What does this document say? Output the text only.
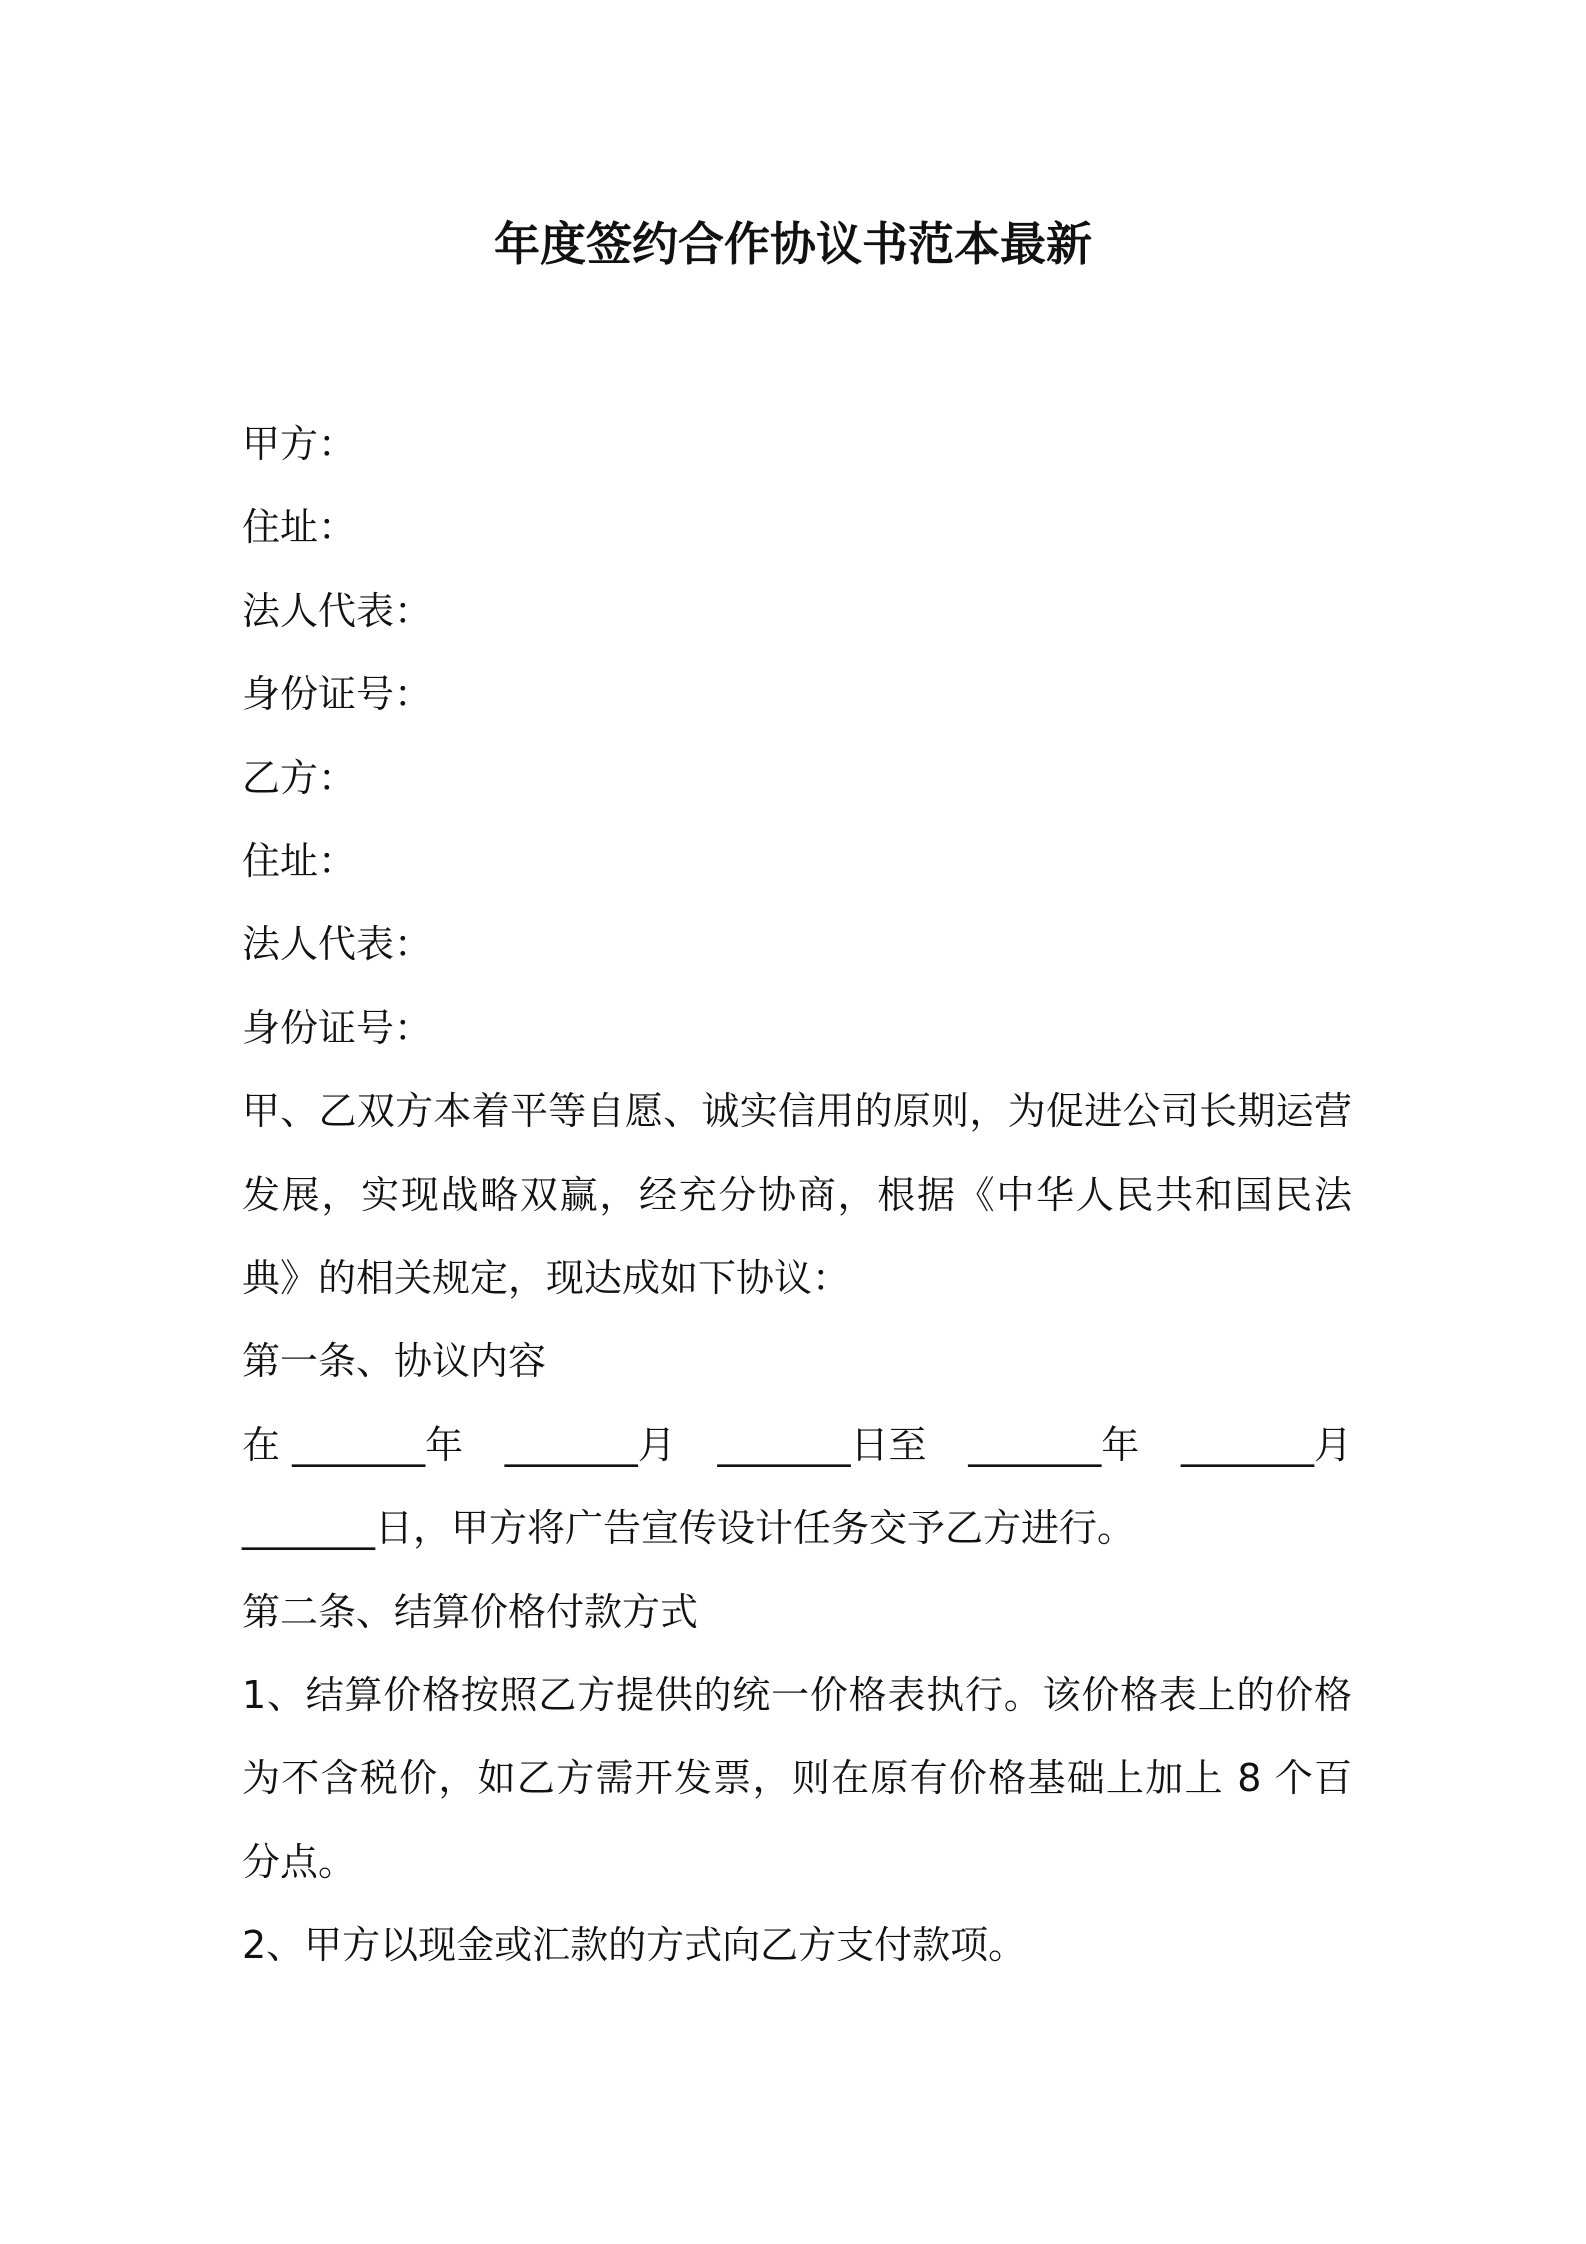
年度签约合作协议书范本最新
甲方：
住址：
法人代表：
身份证号：
乙方：
住址：
法人代表：
身份证号：
甲、乙双方本着平等自愿、诚实信用的原则，为促进公司长期运营发展，实现战略双赢，经充分协商，根据《中华人民共和国民法典》的相关规定，现达成如下协议：
第一条、协议内容
在 _______年 _______月 _______日至 _______年 _______月
_______日，甲方将广告宣传设计任务交予乙方进行。
第二条、结算价格付款方式
1、结算价格按照乙方提供的统一价格表执行。该价格表上的价格为不含税价，如乙方需开发票，则在原有价格基础上加上 8 个百分点。
2、甲方以现金或汇款的方式向乙方支付款项。
